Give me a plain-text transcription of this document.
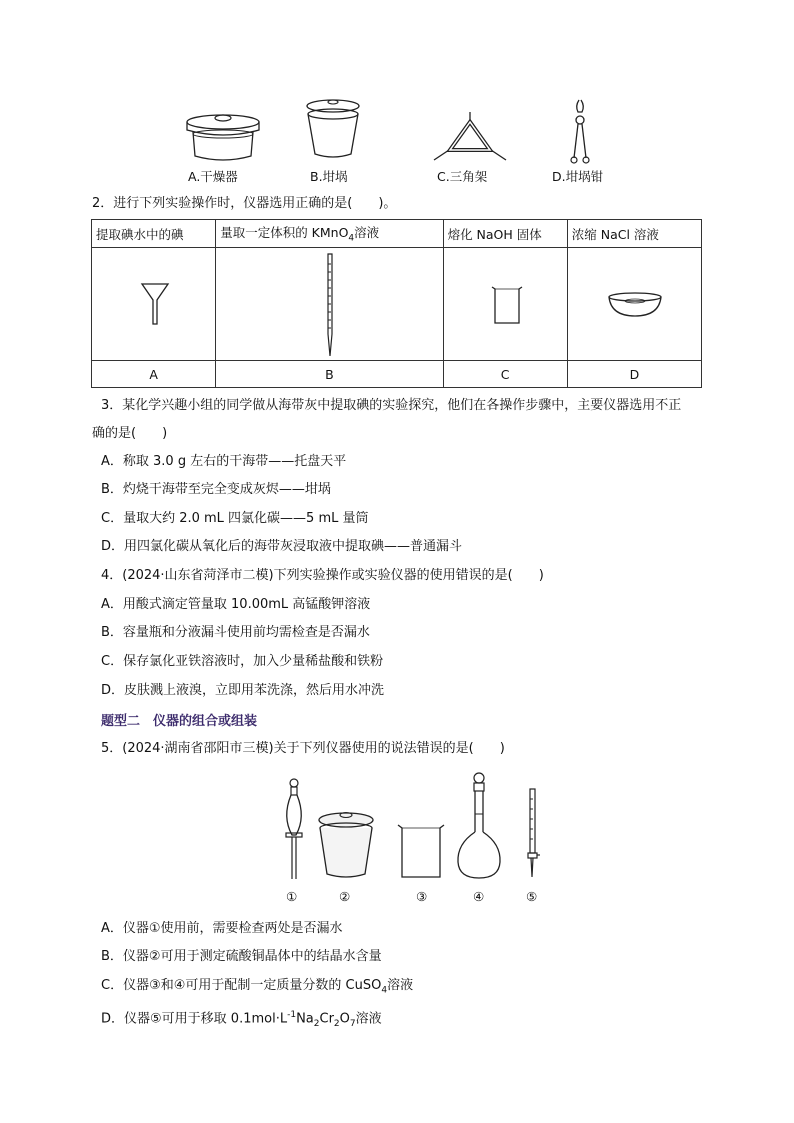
A.干燥器	B.坩埚	C.三角架	D.坩埚钳
2．进行下列实验操作时，仪器选用正确的是(　　)。
提取碘水中的碘	量取一定体积的 KMnO$_4$溶液	熔化 NaOH 固体	浓缩 NaCl 溶液

A	B	C	D
3．某化学兴趣小组的同学做从海带灰中提取碘的实验探究，他们在各操作步骤中，主要仪器选用不正
确的是(　　)
A．称取 3.0 g 左右的干海带——托盘天平
B．灼烧干海带至完全变成灰烬——坩埚
C．量取大约 2.0 mL 四氯化碳——5 mL 量筒
D．用四氯化碳从氧化后的海带灰浸取液中提取碘——普通漏斗
4．(2024·山东省菏泽市二模)下列实验操作或实验仪器的使用错误的是(　　)
A．用酸式滴定管量取 10.00mL 高锰酸钾溶液
B．容量瓶和分液漏斗使用前均需检查是否漏水
C．保存氯化亚铁溶液时，加入少量稀盐酸和铁粉
D．皮肤溅上液溴，立即用苯洗涤，然后用水冲洗
题型二　仪器的组合或组装
5．(2024·湖南省邵阳市三模)关于下列仪器使用的说法错误的是(　　)
①	②	③	④	⑤
A．仪器①使用前，需要检查两处是否漏水
B．仪器②可用于测定硫酸铜晶体中的结晶水含量
C．仪器③和④可用于配制一定质量分数的 CuSO$_4$溶液
D．仪器⑤可用于移取 $0.1mol\cdot L^{-1}Na_2Cr_2O_7$溶液
